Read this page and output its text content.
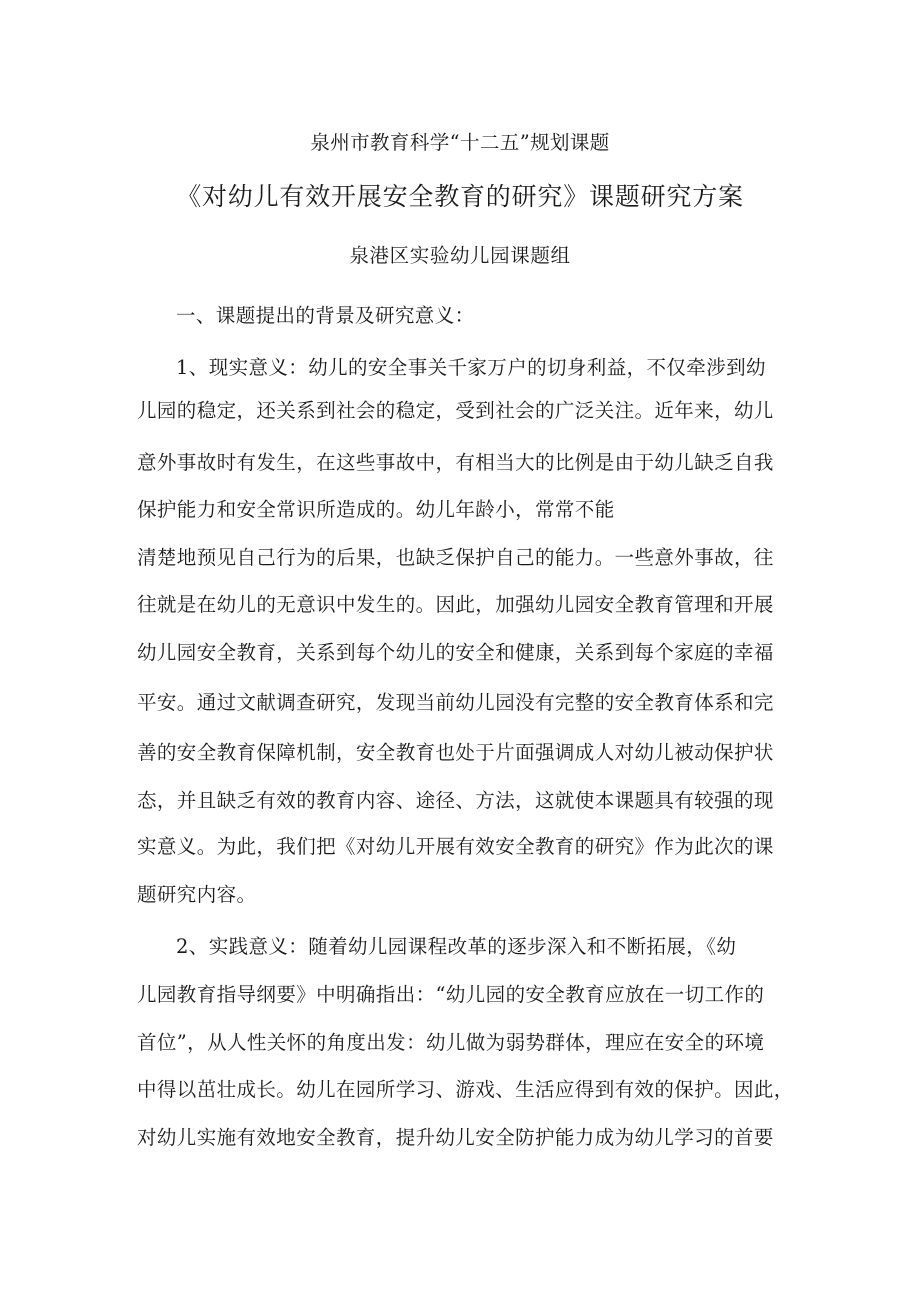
泉州市教育科学“十二五”规划课题
《对幼儿有效开展安全教育的研究》课题研究方案
泉港区实验幼儿园课题组
一、课题提出的背景及研究意义：
1、现实意义：幼儿的安全事关千家万户的切身利益，不仅牵涉到幼
儿园的稳定，还关系到社会的稳定，受到社会的广泛关注。近年来，幼儿
意外事故时有发生，在这些事故中，有相当大的比例是由于幼儿缺乏自我
保护能力和安全常识所造成的。幼儿年龄小，常常不能
清楚地预见自己行为的后果，也缺乏保护自己的能力。一些意外事故，往
往就是在幼儿的无意识中发生的。因此，加强幼儿园安全教育管理和开展
幼儿园安全教育，关系到每个幼儿的安全和健康，关系到每个家庭的幸福
平安。通过文献调查研究，发现当前幼儿园没有完整的安全教育体系和完
善的安全教育保障机制，安全教育也处于片面强调成人对幼儿被动保护状
态，并且缺乏有效的教育内容、途径、方法，这就使本课题具有较强的现
实意义。为此，我们把《对幼儿开展有效安全教育的研究》作为此次的课
题研究内容。
2、实践意义：随着幼儿园课程改革的逐步深入和不断拓展，《幼
儿园教育指导纲要》中明确指出：“幼儿园的安全教育应放在一切工作的
首位”，从人性关怀的角度出发：幼儿做为弱势群体，理应在安全的环境
中得以茁壮成长。幼儿在园所学习、游戏、生活应得到有效的保护。因此，
对幼儿实施有效地安全教育，提升幼儿安全防护能力成为幼儿学习的首要
